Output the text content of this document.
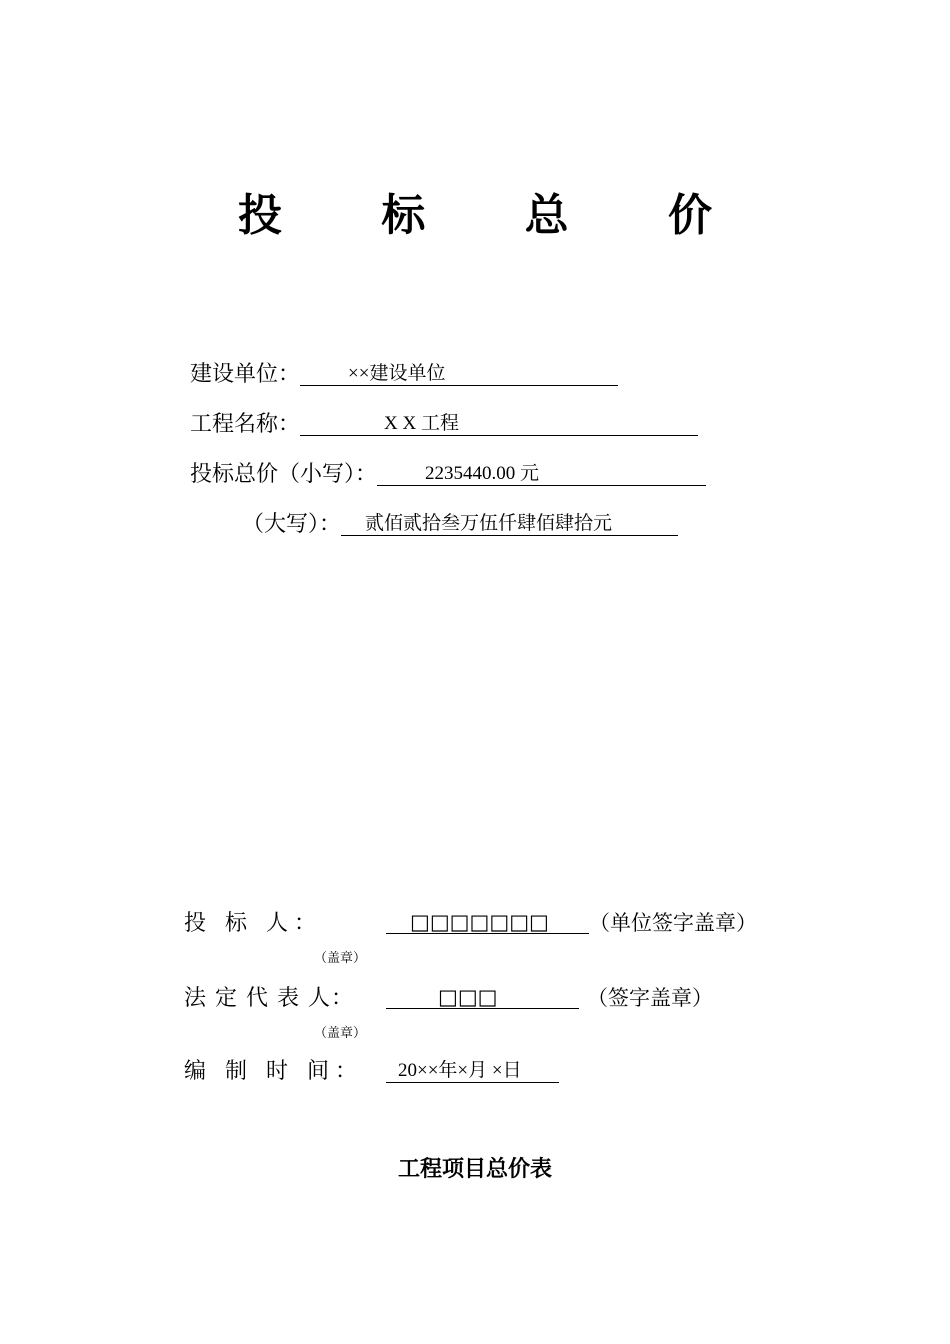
投 标 总 价
建设单位：	××建设单位
工程名称：	X X 工程
投标总价（小写）：	2235440.00 元
（大写）： 贰佰贰拾叁万伍仟肆佰肆拾元
投 标 人：	□□□□□□□ （单位签字盖章）
（盖章）
法 定 代 表 人：	□□□	（签字盖章）
（盖章）
编 制 时 间： 20××年×月 ×日
工程项目总价表
